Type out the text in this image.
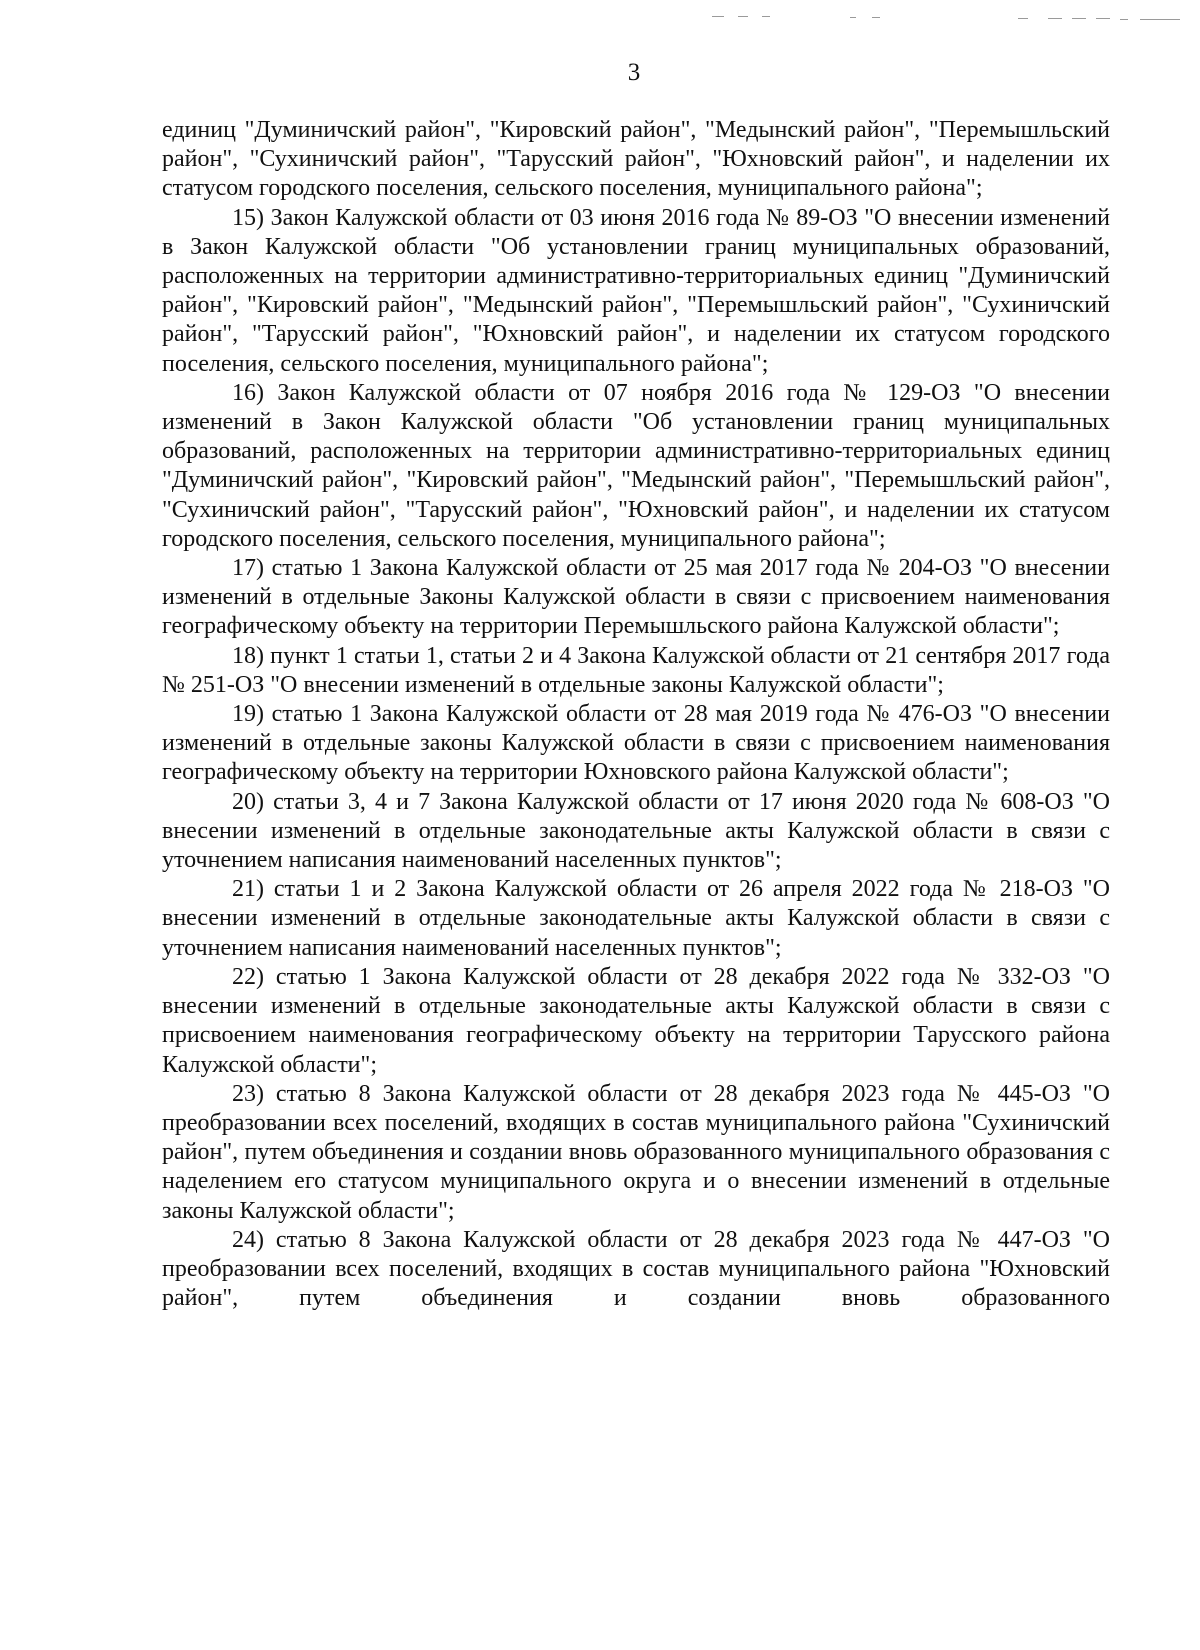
3

единиц "Думиничский район", "Кировский район", "Медынский район", "Перемышльский район", "Сухиничский район", "Тарусский район", "Юхновский район", и наделении их статусом городского поселения, сельского поселения, муниципального района";

15) Закон Калужской области от 03 июня 2016 года № 89-ОЗ "О внесении изменений в Закон Калужской области "Об установлении границ муниципальных образований, расположенных на территории административно-территориальных единиц "Думиничский район", "Кировский район", "Медынский район", "Перемышльский район", "Сухиничский район", "Тарусский район", "Юхновский район", и наделении их статусом городского поселения, сельского поселения, муниципального района";

16) Закон Калужской области от 07 ноября 2016 года № 129-ОЗ "О внесении изменений в Закон Калужской области "Об установлении границ муниципальных образований, расположенных на территории административно-территориальных единиц "Думиничский район", "Кировский район", "Медынский район", "Перемышльский район", "Сухиничский район", "Тарусский район", "Юхновский район", и наделении их статусом городского поселения, сельского поселения, муниципального района";

17) статью 1 Закона Калужской области от 25 мая 2017 года № 204-ОЗ "О внесении изменений в отдельные Законы Калужской области в связи с присвоением наименования географическому объекту на территории Перемышльского района Калужской области";

18) пункт 1 статьи 1, статьи 2 и 4 Закона Калужской области от 21 сентября 2017 года № 251-ОЗ "О внесении изменений в отдельные законы Калужской области";

19) статью 1 Закона Калужской области от 28 мая 2019 года № 476-ОЗ "О внесении изменений в отдельные законы Калужской области в связи с присвоением наименования географическому объекту на территории Юхновского района Калужской области";

20) статьи 3, 4 и 7 Закона Калужской области от 17 июня 2020 года № 608-ОЗ "О внесении изменений в отдельные законодательные акты Калужской области в связи с уточнением написания наименований населенных пунктов";

21) статьи 1 и 2 Закона Калужской области от 26 апреля 2022 года № 218-ОЗ "О внесении изменений в отдельные законодательные акты Калужской области в связи с уточнением написания наименований населенных пунктов";

22) статью 1 Закона Калужской области от 28 декабря 2022 года № 332-ОЗ "О внесении изменений в отдельные законодательные акты Калужской области в связи с присвоением наименования географическому объекту на территории Тарусского района Калужской области";

23) статью 8 Закона Калужской области от 28 декабря 2023 года № 445-ОЗ "О преобразовании всех поселений, входящих в состав муниципального района "Сухиничский район", путем объединения и создании вновь образованного муниципального образования с наделением его статусом муниципального округа и о внесении изменений в отдельные законы Калужской области";

24) статью 8 Закона Калужской области от 28 декабря 2023 года № 447-ОЗ "О преобразовании всех поселений, входящих в состав муниципального района "Юхновский район", путем объединения и создании вновь образованного
